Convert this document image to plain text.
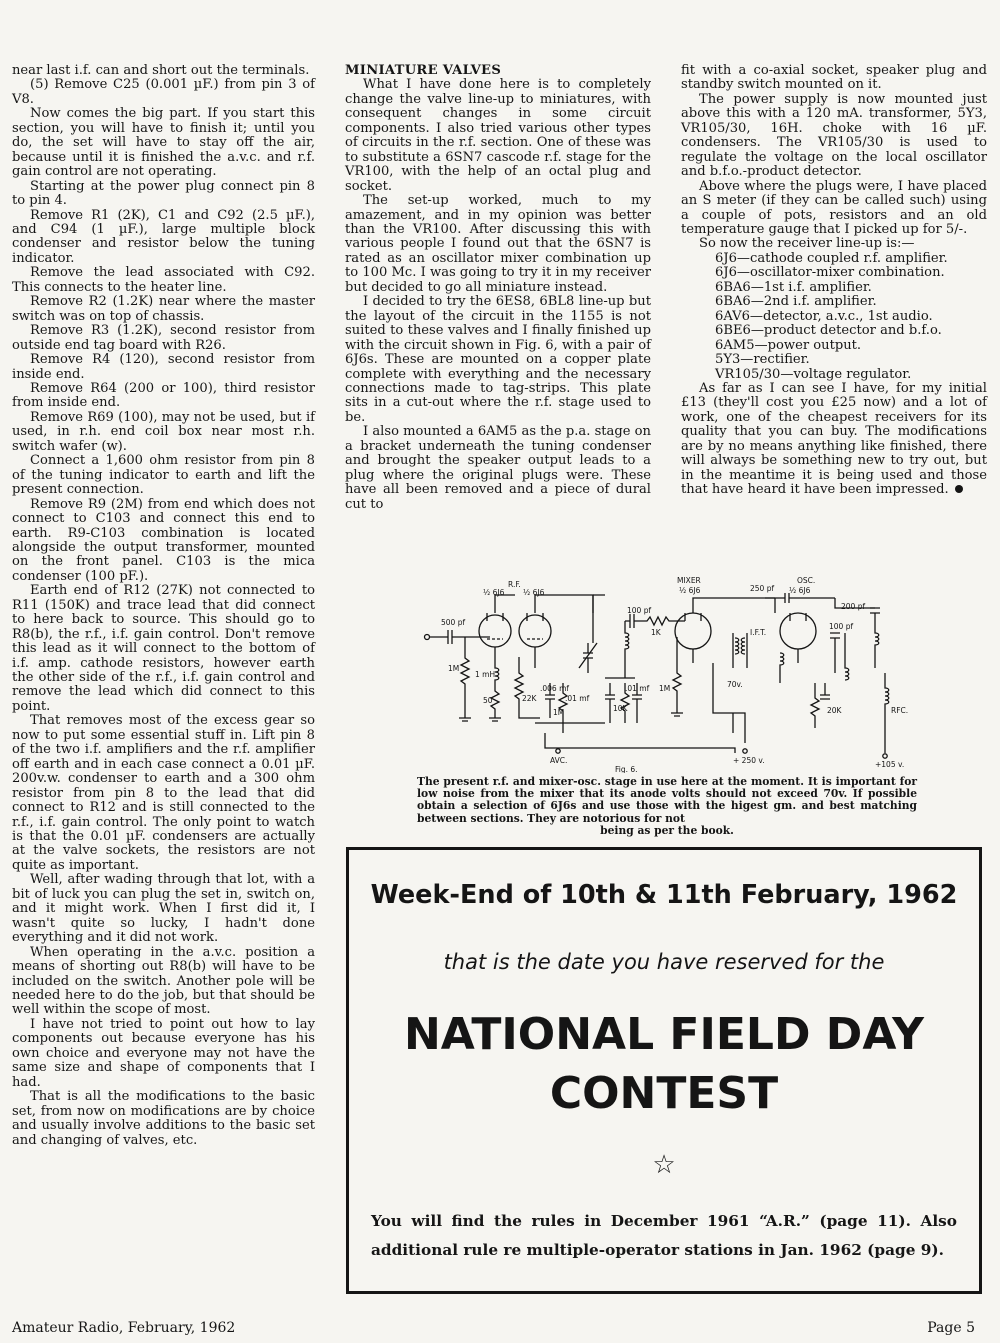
near last i.f. can and short out the terminals.

(5) Remove C25 (0.001 µF.) from pin 3 of V8.

Now comes the big part. If you start this section, you will have to finish it; until you do, the set will have to stay off the air, because until it is finished the a.v.c. and r.f. gain control are not operating.

Starting at the power plug connect pin 8 to pin 4.

Remove R1 (2K), C1 and C92 (2.5 µF.), and C94 (1 µF.), large multiple block condenser and resistor below the tuning indicator.

Remove the lead associated with C92. This connects to the heater line.

Remove R2 (1.2K) near where the master switch was on top of chassis.

Remove R3 (1.2K), second resistor from outside end tag board with R26.

Remove R4 (120), second resistor from inside end.

Remove R64 (200 or 100), third resistor from inside end.

Remove R69 (100), may not be used, but if used, in r.h. end coil box near most r.h. switch wafer (w).

Connect a 1,600 ohm resistor from pin 8 of the tuning indicator to earth and lift the present connection.

Remove R9 (2M) from end which does not connect to C103 and connect this end to earth. R9-C103 combination is located alongside the output transformer, mounted on the front panel. C103 is the mica condenser (100 pF.).

Earth end of R12 (27K) not connected to R11 (150K) and trace lead that did connect to here back to source. This should go to R8(b), the r.f., i.f. gain control. Don't remove this lead as it will connect to the bottom of i.f. amp. cathode resistors, however earth the other side of the r.f., i.f. gain control and remove the lead which did connect to this point.

That removes most of the excess gear so now to put some essential stuff in. Lift pin 8 of the two i.f. amplifiers and the r.f. amplifier off earth and in each case connect a 0.01 µF. 200v.w. condenser to earth and a 300 ohm resistor from pin 8 to the lead that did connect to R12 and is still connected to the r.f., i.f. gain control. The only point to watch is that the 0.01 µF. condensers are actually at the valve sockets, the resistors are not quite as important.

Well, after wading through that lot, with a bit of luck you can plug the set in, switch on, and it might work. When I first did it, I wasn't quite so lucky, I hadn't done everything and it did not work.

When operating in the a.v.c. position a means of shorting out R8(b) will have to be included on the switch. Another pole will be needed here to do the job, but that should be well within the scope of most.

I have not tried to point out how to lay components out because everyone has his own choice and everyone may not have the same size and shape of components that I had.

That is all the modifications to the basic set, from now on modifications are by choice and usually involve additions to the basic set and changing of valves, etc.

MINIATURE VALVES

What I have done here is to completely change the valve line-up to miniatures, with consequent changes in some circuit components. I also tried various other types of circuits in the r.f. section. One of these was to substitute a 6SN7 cascode r.f. stage for the VR100, with the help of an octal plug and socket.

The set-up worked, much to my amazement, and in my opinion was better than the VR100. After discussing this with various people I found out that the 6SN7 is rated as an oscillator mixer combination up to 100 Mc. I was going to try it in my receiver but decided to go all miniature instead.

I decided to try the 6ES8, 6BL8 line-up but the layout of the circuit in the 1155 is not suited to these valves and I finally finished up with the circuit shown in Fig. 6, with a pair of 6J6s. These are mounted on a copper plate complete with everything and the necessary connections made to tag-strips. This plate sits in a cut-out where the r.f. stage used to be.

I also mounted a 6AM5 as the p.a. stage on a bracket underneath the tuning condenser and brought the speaker output leads to a plug where the original plugs were. These have all been removed and a piece of dural cut to

fit with a co-axial socket, speaker plug and standby switch mounted on it.

The power supply is now mounted just above this with a 120 mA. transformer, 5Y3, VR105/30, 16H. choke with 16 µF. condensers. The VR105/30 is used to regulate the voltage on the local oscillator and b.f.o.-product detector.

Above where the plugs were, I have placed an S meter (if they can be called such) using a couple of pots, resistors and an old temperature gauge that I picked up for 5/-.

So now the receiver line-up is:—

6J6—cathode coupled r.f. amplifier.
6J6—oscillator-mixer combination.
6BA6—1st i.f. amplifier.
6BA6—2nd i.f. amplifier.
6AV6—detector, a.v.c., 1st audio.
6BE6—product detector and b.f.o.
6AM5—power output.
5Y3—rectifier.
VR105/30—voltage regulator.

As far as I can see I have, for my initial £13 (they'll cost you £25 now) and a lot of work, one of the cheapest receivers for its quality that you can buy. The modifications are by no means anything like finished, there will always be something new to try out, but in the meantime it is being used and those that have heard it have been impressed.

R.F.
½ 6J6 ½ 6J6
MIXER
½ 6J6
OSC.
½ 6J6
500 pf
1M
1 mH
50	22K
.006 mf
1M
.01 mf
10K
.01 mf
100 pf
1K
1M
I.F.T.
70v.
250 pf
100 pf
200 pf
20K	RFC.
AVC.	+ 250 v.	+105 v.
Fig. 6.
The present r.f. and mixer-osc. stage in use here at the moment. It is important for low noise from the mixer that its anode volts should not exceed 70v. If possible obtain a selection of 6J6s and use those with the higest gm. and best matching between sections. They are notorious for not
being as per the book.
Week-End of 10th & 11th February, 1962
that is the date you have reserved for the
NATIONAL FIELD DAY
CONTEST
☆
You will find the rules in December 1961 “A.R.” (page 11). Also additional rule re multiple-operator stations in Jan. 1962 (page 9).
Amateur Radio, February, 1962	Page 5
